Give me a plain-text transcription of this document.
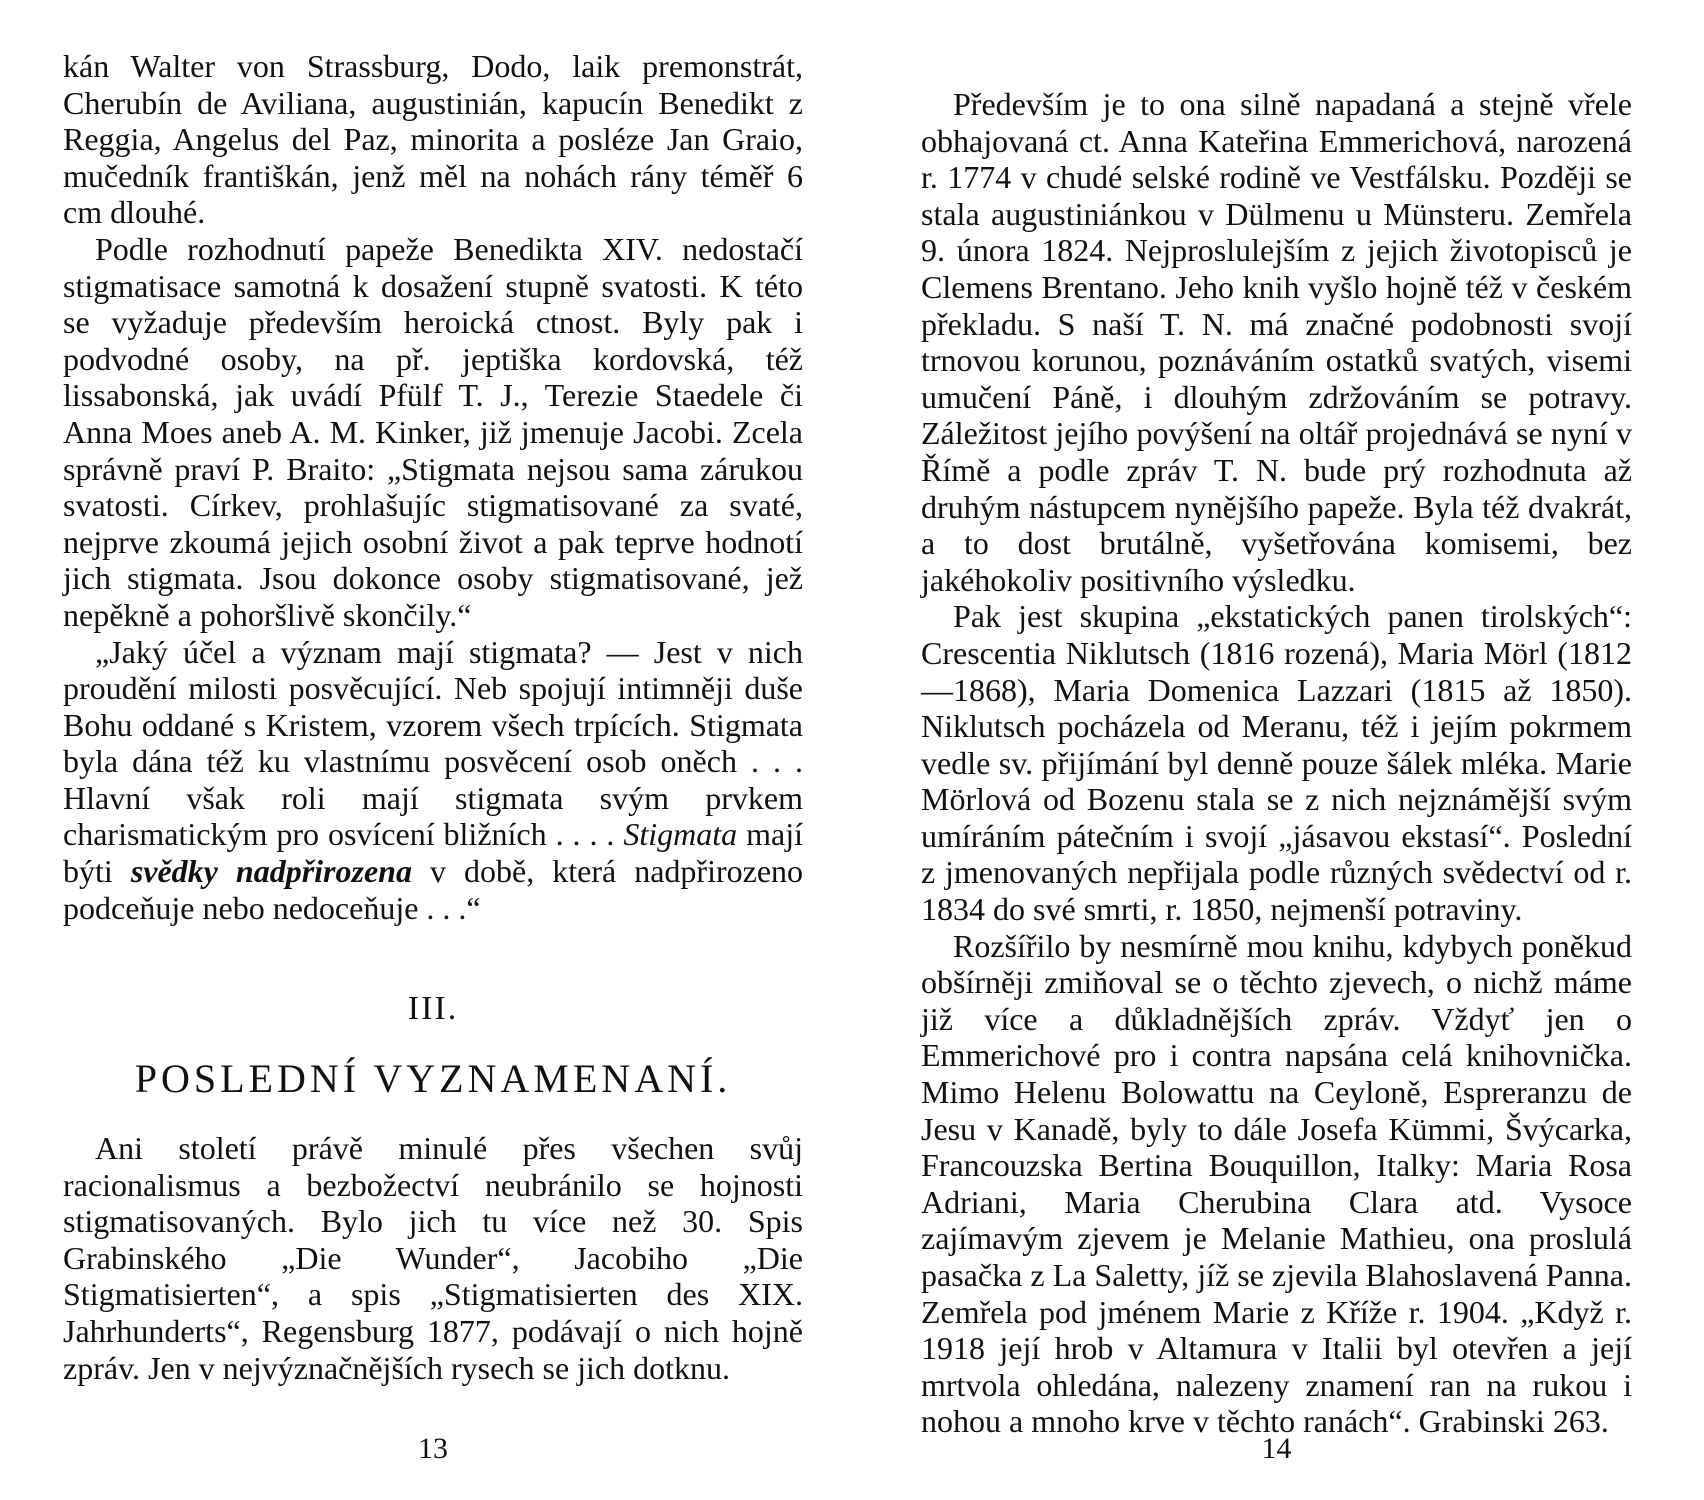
kán Walter von Strassburg, Dodo, laik premonstrát, Cherubín de Aviliana, augustinián, kapucín Benedikt z Reggia, Angelus del Paz, minorita a posléze Jan Graio, mučedník františkán, jenž měl na nohách rány téměř 6 cm dlouhé.

Podle rozhodnutí papeže Benedikta XIV. nedostačí stigmatisace samotná k dosažení stupně svatosti. K této se vyžaduje především heroická ctnost. Byly pak i podvodné osoby, na př. jeptiška kordovská, též lissabonská, jak uvádí Pfülf T. J., Terezie Staedele či Anna Moes aneb A. M. Kinker, již jmenuje Jacobi. Zcela správně praví P. Braito: „Stigmata nejsou sama zárukou svatosti. Církev, prohlašujíc stigmatisované za svaté, nejprve zkoumá jejich osobní život a pak teprve hodnotí jich stigmata. Jsou dokonce osoby stigmatisované, jež nepěkně a pohoršlivě skončily.“

„Jaký účel a význam mají stigmata? — Jest v nich proudění milosti posvěcující. Neb spojují intimněji duše Bohu oddané s Kristem, vzorem všech trpících. Stigmata byla dána též ku vlastnímu posvěcení osob oněch . . . Hlavní však roli mají stigmata svým prvkem charismatickým pro osvícení bližních . . . . Stigmata mají býti svědky nadpřirozena v době, která nadpřirozeno podceňuje nebo nedoceňuje . . .“

III.
POSLEDNÍ VYZNAMENANÍ.

Ani století právě minulé přes všechen svůj racionalismus a bezbožectví neubránilo se hojnosti stigmatisovaných. Bylo jich tu více než 30. Spis Grabinského „Die Wunder“, Jacobiho „Die Stigmatisierten“, a spis „Stigmatisierten des XIX. Jahrhunderts“, Regensburg 1877, podávají o nich hojně zpráv. Jen v nejvýznačnějších rysech se jich dotknu.

13

Především je to ona silně napadaná a stejně vřele obhajovaná ct. Anna Kateřina Emmerichová, narozená r. 1774 v chudé selské rodině ve Vestfálsku. Později se stala augustiniánkou v Dülmenu u Münsteru. Zemřela 9. února 1824. Nejproslulejším z jejich životopisců je Clemens Brentano. Jeho knih vyšlo hojně též v českém překladu. S naší T. N. má značné podobnosti svojí trnovou korunou, poznáváním ostatků svatých, visemi umučení Páně, i dlouhým zdržováním se potravy. Záležitost jejího povýšení na oltář projednává se nyní v Římě a podle zpráv T. N. bude prý rozhodnuta až druhým nástupcem nynějšího papeže. Byla též dvakrát, a to dost brutálně, vyšetřována komisemi, bez jakéhokoliv positivního výsledku.

Pak jest skupina „ekstatických panen tirolských“: Crescentia Niklutsch (1816 rozená), Maria Mörl (1812—1868), Maria Domenica Lazzari (1815 až 1850). Niklutsch pocházela od Meranu, též i jejím pokrmem vedle sv. přijímání byl denně pouze šálek mléka. Marie Mörlová od Bozenu stala se z nich nejznámější svým umíráním pátečním i svojí „jásavou ekstasí“. Poslední z jmenovaných nepřijala podle různých svědectví od r. 1834 do své smrti, r. 1850, nejmenší potraviny.

Rozšířilo by nesmírně mou knihu, kdybych poněkud obšírněji zmiňoval se o těchto zjevech, o nichž máme již více a důkladnějších zpráv. Vždyť jen o Emmerichové pro i contra napsána celá knihovnička. Mimo Helenu Bolowattu na Ceyloně, Espreranzu de Jesu v Kanadě, byly to dále Josefa Kümmi, Švýcarka, Francouzska Bertina Bouquillon, Italky: Maria Rosa Adriani, Maria Cherubina Clara atd. Vysoce zajímavým zjevem je Melanie Mathieu, ona proslulá pasačka z La Saletty, jíž se zjevila Blahoslavená Panna. Zemřela pod jménem Marie z Kříže r. 1904. „Když r. 1918 její hrob v Altamura v Italii byl otevřen a její mrtvola ohledána, nalezeny znamení ran na rukou i nohou a mnoho krve v těchto ranách“. Grabinski 263.

14
